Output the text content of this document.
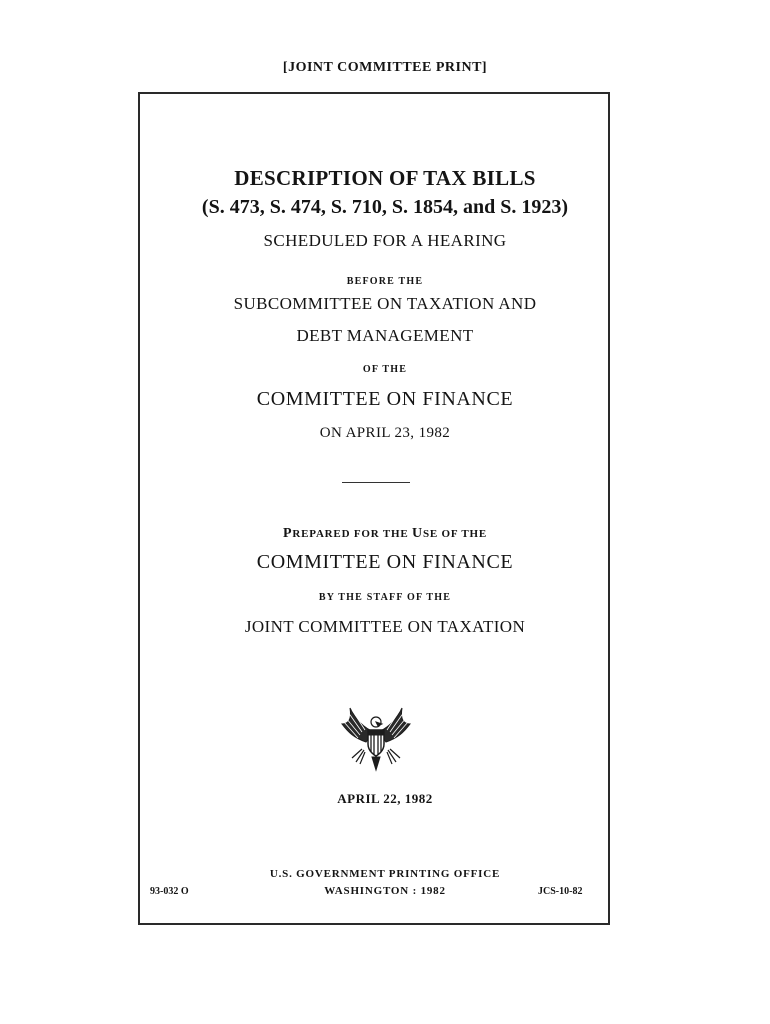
[JOINT COMMITTEE PRINT]
DESCRIPTION OF TAX BILLS
(S. 473, S. 474, S. 710, S. 1854, and S. 1923)
SCHEDULED FOR A HEARING
BEFORE THE
SUBCOMMITTEE ON TAXATION AND
DEBT MANAGEMENT
OF THE
COMMITTEE ON FINANCE
ON APRIL 23, 1982
PREPARED FOR THE USE OF THE
COMMITTEE ON FINANCE
BY THE STAFF OF THE
JOINT COMMITTEE ON TAXATION
APRIL 22, 1982
U.S. GOVERNMENT PRINTING OFFICE
WASHINGTON : 1982
93-032 O	JCS-10-82
